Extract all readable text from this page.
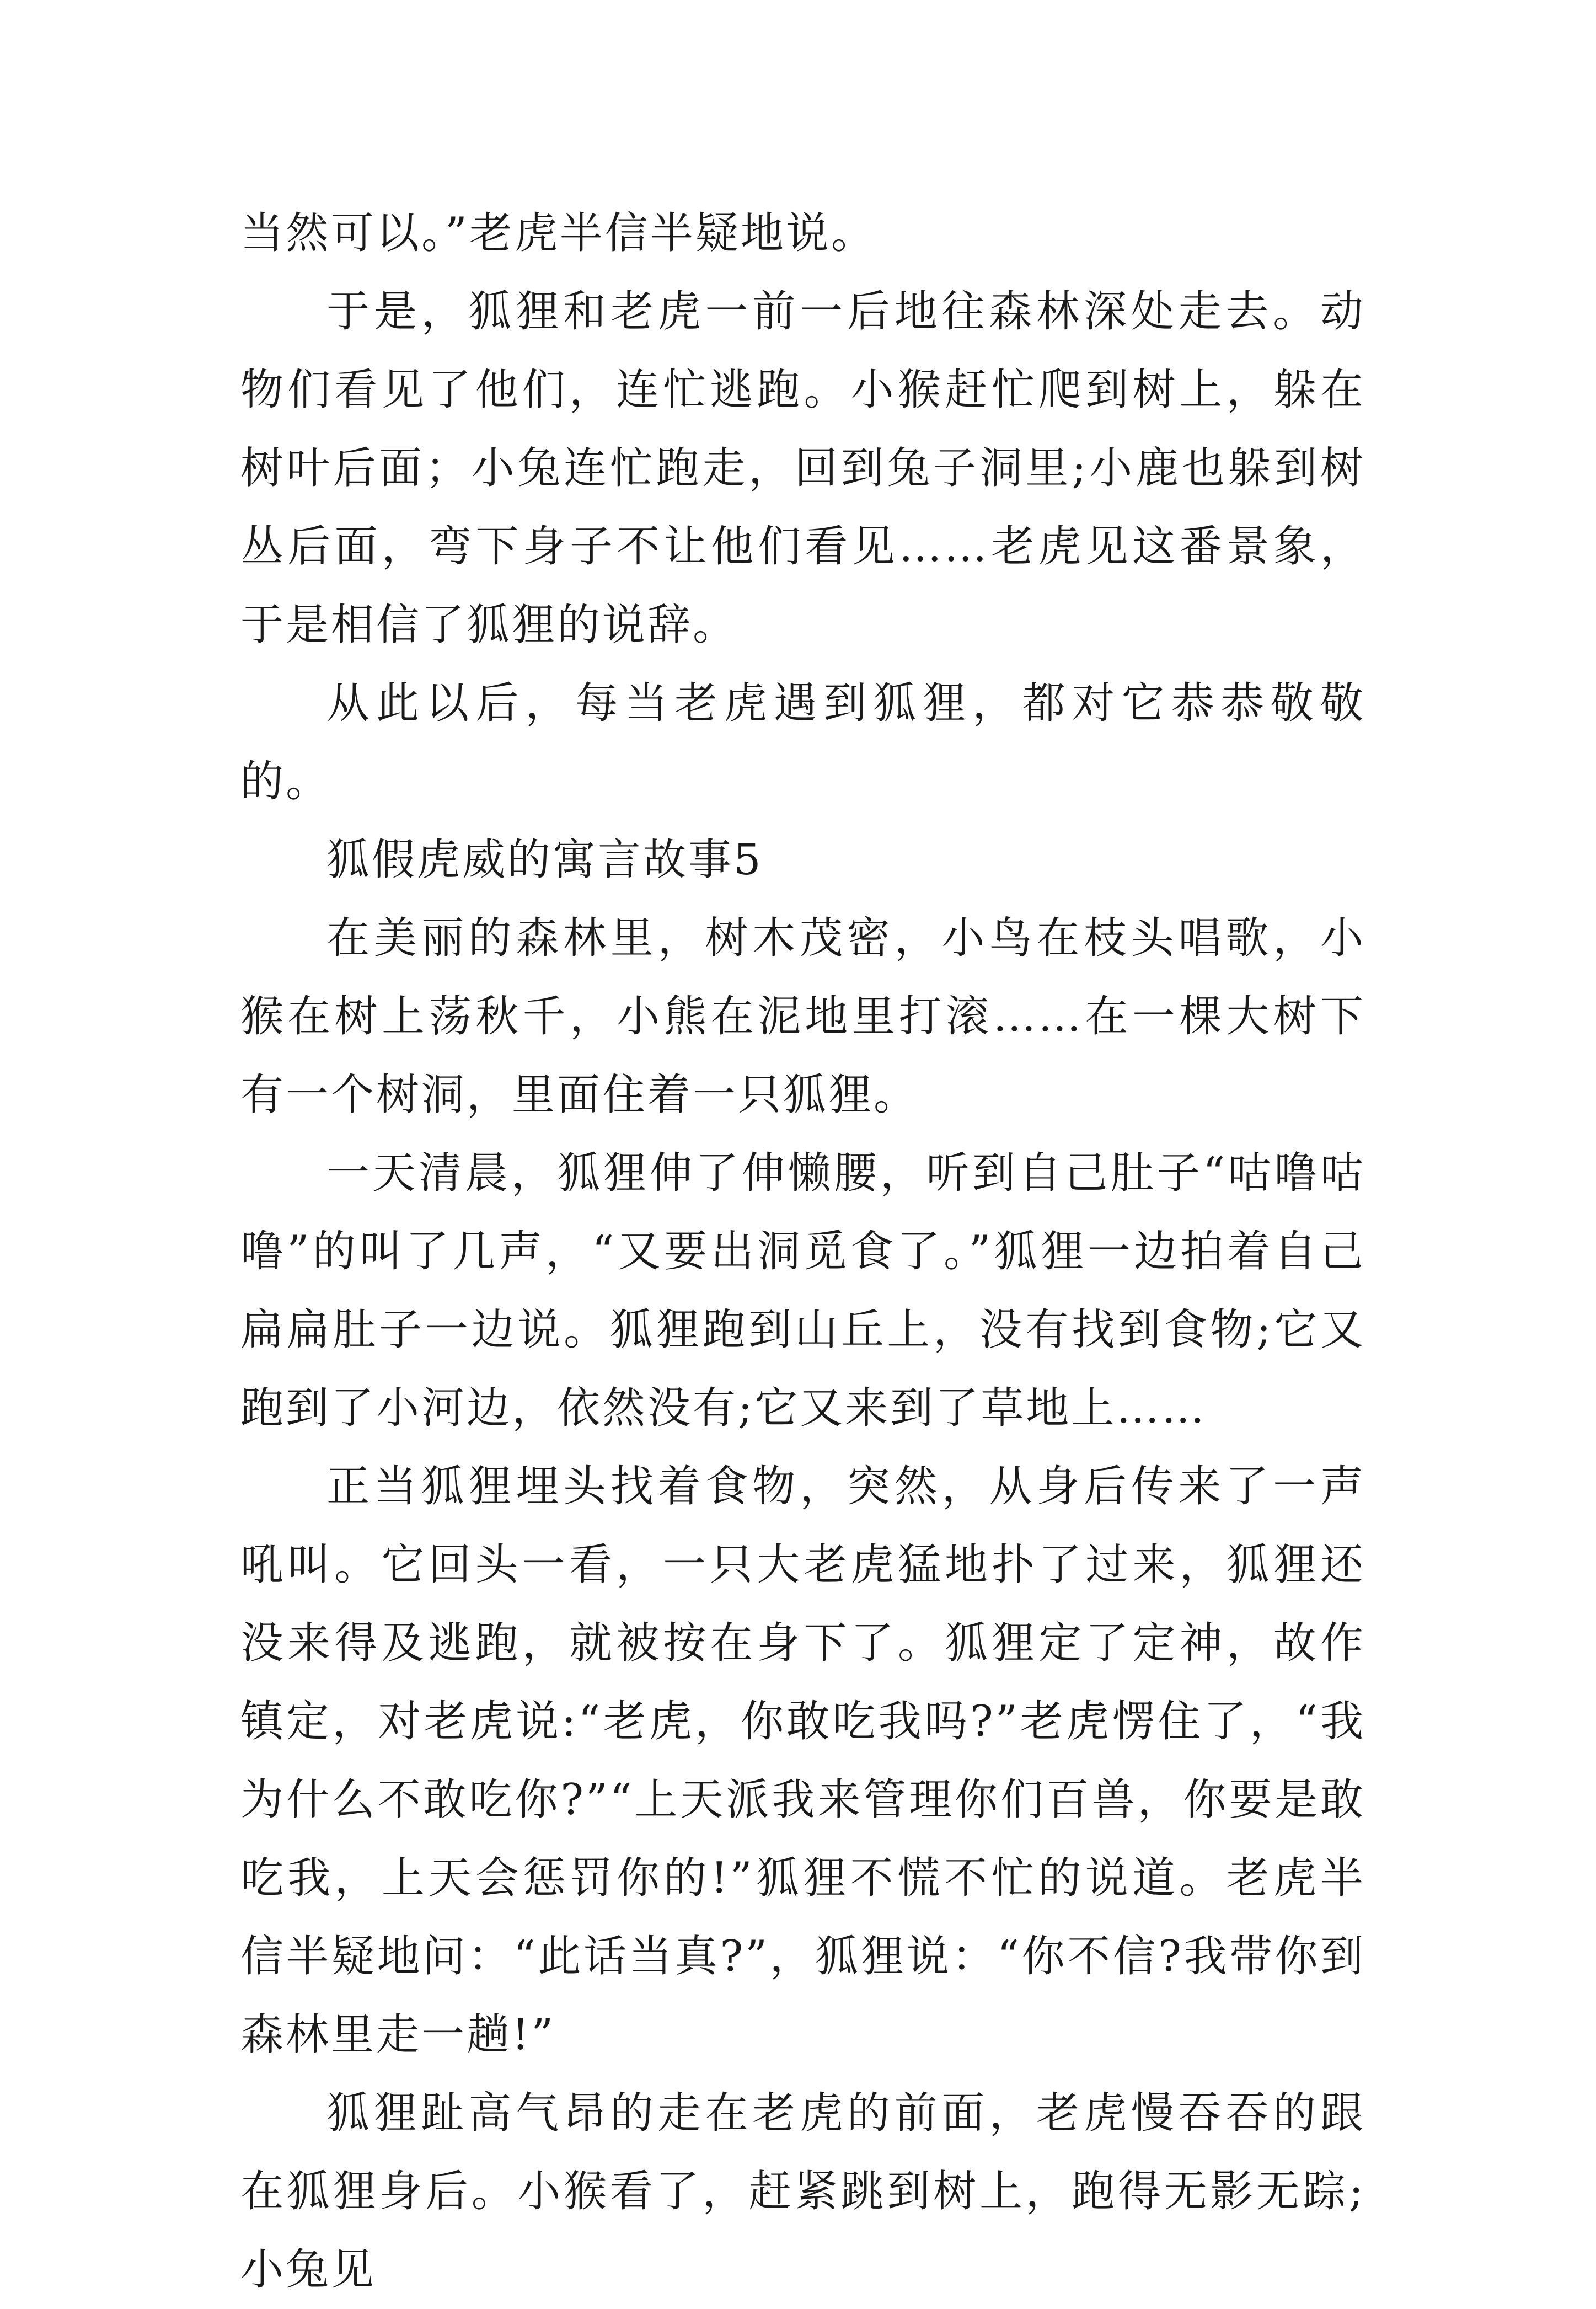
当然可以。”老虎半信半疑地说。

于是，狐狸和老虎一前一后地往森林深处走去。动物们看见了他们，连忙逃跑。小猴赶忙爬到树上，躲在树叶后面；小兔连忙跑走，回到兔子洞里;小鹿也躲到树丛后面，弯下身子不让他们看见……老虎见这番景象，于是相信了狐狸的说辞。

从此以后，每当老虎遇到狐狸，都对它恭恭敬敬的。

狐假虎威的寓言故事5

在美丽的森林里，树木茂密，小鸟在枝头唱歌，小猴在树上荡秋千，小熊在泥地里打滚……在一棵大树下有一个树洞，里面住着一只狐狸。

一天清晨，狐狸伸了伸懒腰，听到自己肚子“咕噜咕噜”的叫了几声，“又要出洞觅食了。”狐狸一边拍着自己扁扁肚子一边说。狐狸跑到山丘上，没有找到食物;它又跑到了小河边，依然没有;它又来到了草地上……

正当狐狸埋头找着食物，突然，从身后传来了一声吼叫。它回头一看，一只大老虎猛地扑了过来，狐狸还没来得及逃跑，就被按在身下了。狐狸定了定神，故作镇定，对老虎说:“老虎，你敢吃我吗?”老虎愣住了，“我为什么不敢吃你?”“上天派我来管理你们百兽，你要是敢吃我，上天会惩罚你的!”狐狸不慌不忙的说道。老虎半信半疑地问：“此话当真?”，狐狸说：“你不信?我带你到森林里走一趟!”

狐狸趾高气昂的走在老虎的前面，老虎慢吞吞的跟在狐狸身后。小猴看了，赶紧跳到树上，跑得无影无踪;小兔见
